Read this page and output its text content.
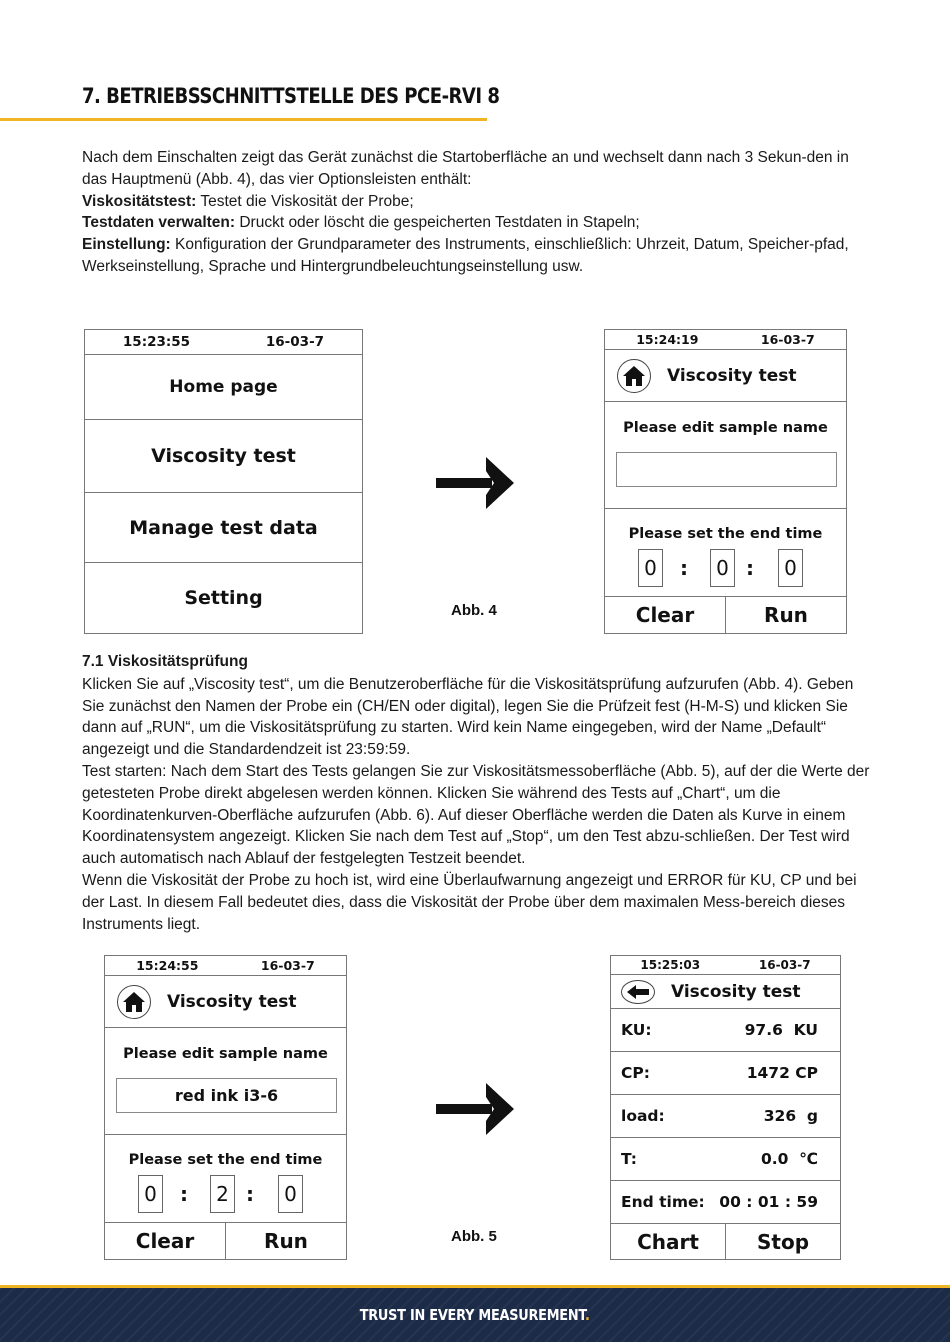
7. BETRIEBSSCHNITTSTELLE DES PCE-RVI 8

Nach dem Einschalten zeigt das Gerät zunächst die Startoberfläche an und wechselt dann nach 3 Sekun-den in das Hauptmenü (Abb. 4), das vier Optionsleisten enthält:

Viskositätstest: Testet die Viskosität der Probe;

Testdaten verwalten: Druckt oder löscht die gespeicherten Testdaten in Stapeln;

Einstellung: Konfiguration der Grundparameter des Instruments, einschließlich: Uhrzeit, Datum, Speicher-pfad, Werkseinstellung, Sprache und Hintergrundbeleuchtungseinstellung usw.

15:23:55	16-03-7
Home page
Viscosity test
Manage test data
Setting
Abb. 4
15:24:19	16-03-7
Viscosity test
Please edit sample name
Please set the end time
0	:	0 :	0
Clear	Run

7.1 Viskositätsprüfung

Klicken Sie auf „Viscosity test“, um die Benutzeroberfläche für die Viskositätsprüfung aufzurufen (Abb. 4). Geben Sie zunächst den Namen der Probe ein (CH/EN oder digital), legen Sie die Prüfzeit fest (H-M-S) und klicken Sie dann auf „RUN“, um die Viskositätsprüfung zu starten. Wird kein Name eingegeben, wird der Name „Default“ angezeigt und die Standardendzeit ist 23:59:59.

Test starten: Nach dem Start des Tests gelangen Sie zur Viskositätsmessoberfläche (Abb. 5), auf der die Werte der getesteten Probe direkt abgelesen werden können. Klicken Sie während des Tests auf „Chart“, um die Koordinatenkurven-Oberfläche aufzurufen (Abb. 6). Auf dieser Oberfläche werden die Daten als Kurve in einem Koordinatensystem angezeigt. Klicken Sie nach dem Test auf „Stop“, um den Test abzu-schließen. Der Test wird auch automatisch nach Ablauf der festgelegten Testzeit beendet.

Wenn die Viskosität der Probe zu hoch ist, wird eine Überlaufwarnung angezeigt und ERROR für KU, CP und bei der Last. In diesem Fall bedeutet dies, dass die Viskosität der Probe über dem maximalen Mess-bereich dieses Instruments liegt.

15:24:55	16-03-7
Viscosity test
Please edit sample name
red ink i3-6
Please set the end time
0	:	2 :	0
Clear	Run	Abb. 5
15:25:03	16-03-7
Viscosity test
KU:	97.6  KU
CP:	1472 CP
load:	326  g
T:	0.0  ℃
End time: 00 : 01 : 59
Chart	Stop
TRUST IN EVERY MEASUREMENT.
